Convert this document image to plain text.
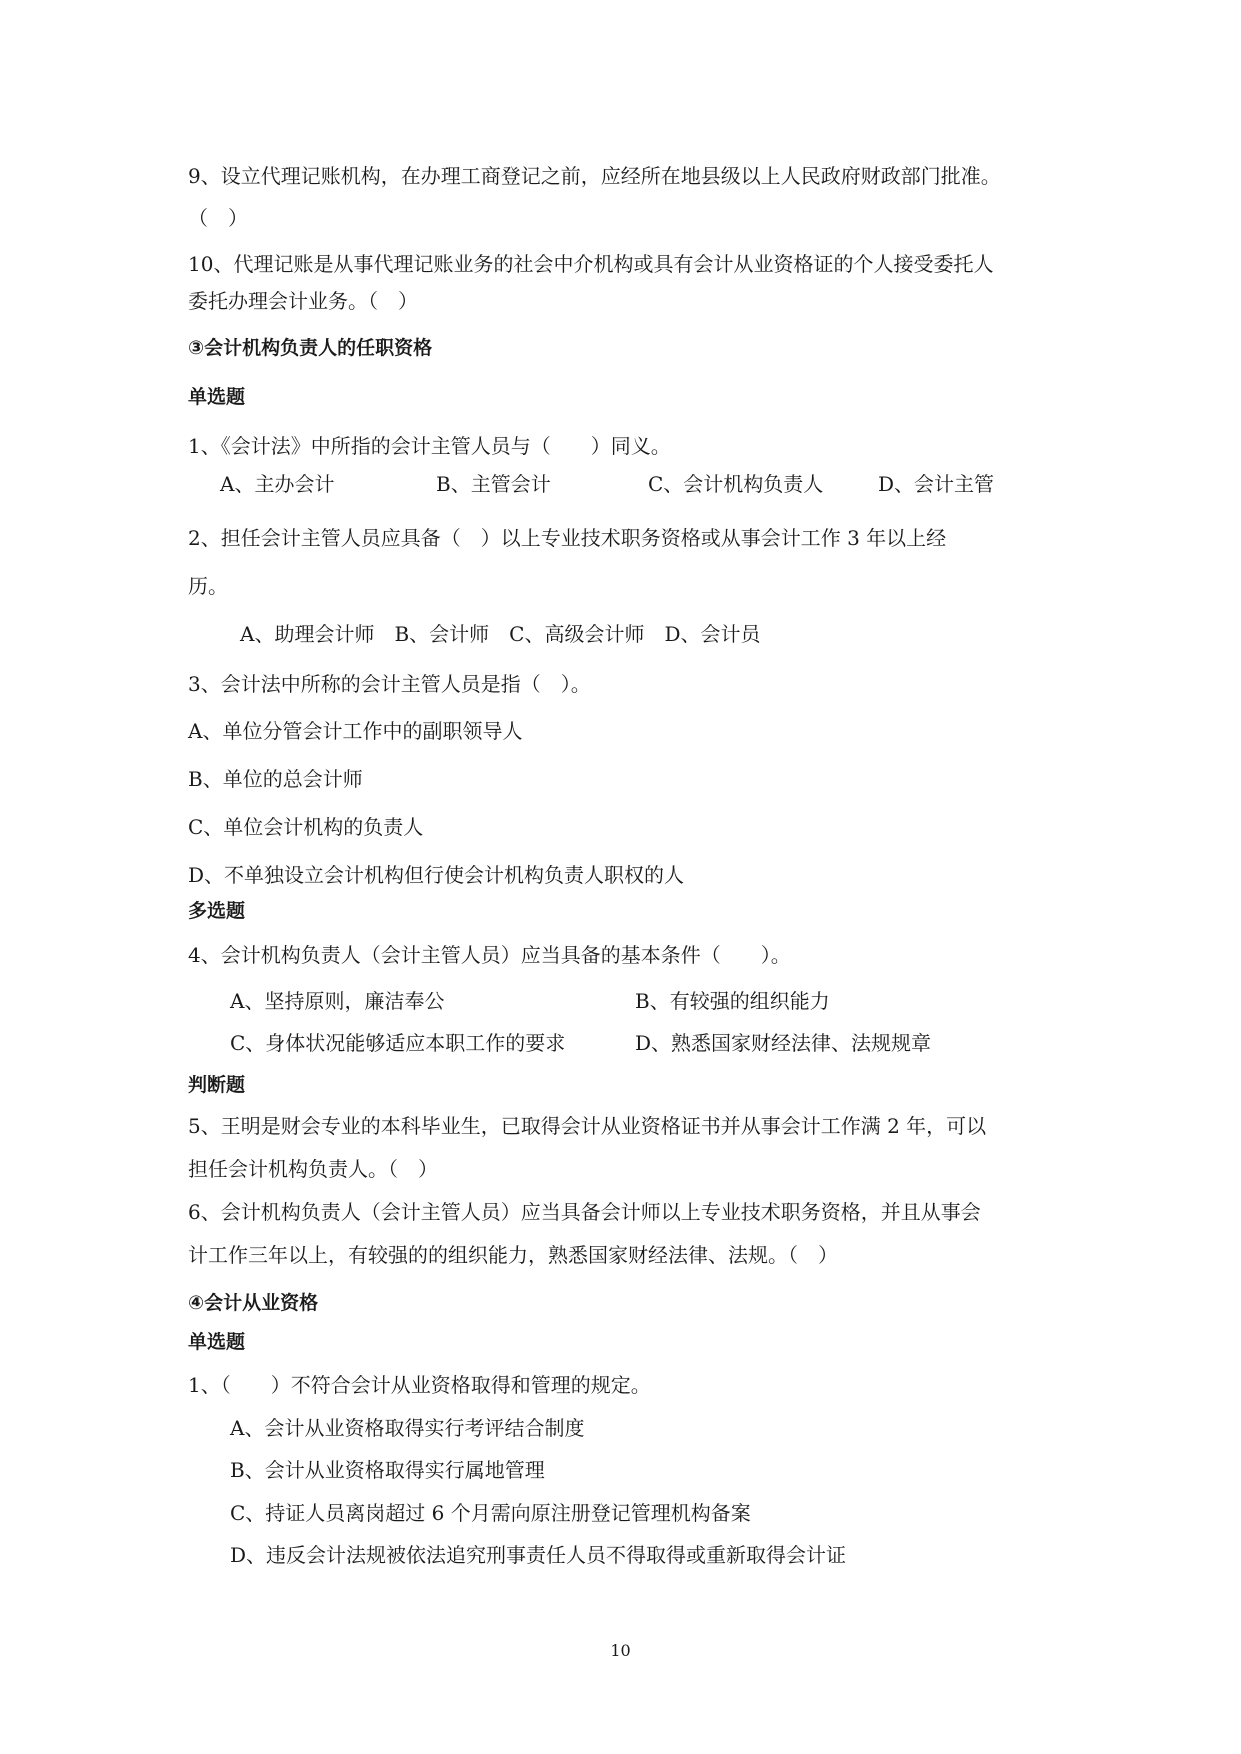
9、设立代理记账机构，在办理工商登记之前，应经所在地县级以上人民政府财政部门批准。
（　）
10、代理记账是从事代理记账业务的社会中介机构或具有会计从业资格证的个人接受委托人
委托办理会计业务。（　）
③会计机构负责人的任职资格
单选题
1、《会计法》中所指的会计主管人员与（　　）同义。
A、主办会计	B、主管会计	C、会计机构负责人	D、会计主管
2、担任会计主管人员应具备（　）以上专业技术职务资格或从事会计工作 3 年以上经
历。
A、助理会计师　B、会计师　C、高级会计师　D、会计员
3、会计法中所称的会计主管人员是指（　）。
A、单位分管会计工作中的副职领导人
B、单位的总会计师
C、单位会计机构的负责人
D、不单独设立会计机构但行使会计机构负责人职权的人
多选题
4、会计机构负责人（会计主管人员）应当具备的基本条件（　　）。
A、坚持原则，廉洁奉公	B、有较强的组织能力
C、身体状况能够适应本职工作的要求	D、熟悉国家财经法律、法规规章
判断题
5、王明是财会专业的本科毕业生，已取得会计从业资格证书并从事会计工作满 2 年，可以
担任会计机构负责人。（　）
6、会计机构负责人（会计主管人员）应当具备会计师以上专业技术职务资格，并且从事会
计工作三年以上，有较强的的组织能力，熟悉国家财经法律、法规。（　）
④会计从业资格
单选题
1、（　　）不符合会计从业资格取得和管理的规定。
A、会计从业资格取得实行考评结合制度
B、会计从业资格取得实行属地管理
C、持证人员离岗超过 6 个月需向原注册登记管理机构备案
D、违反会计法规被依法追究刑事责任人员不得取得或重新取得会计证
10
